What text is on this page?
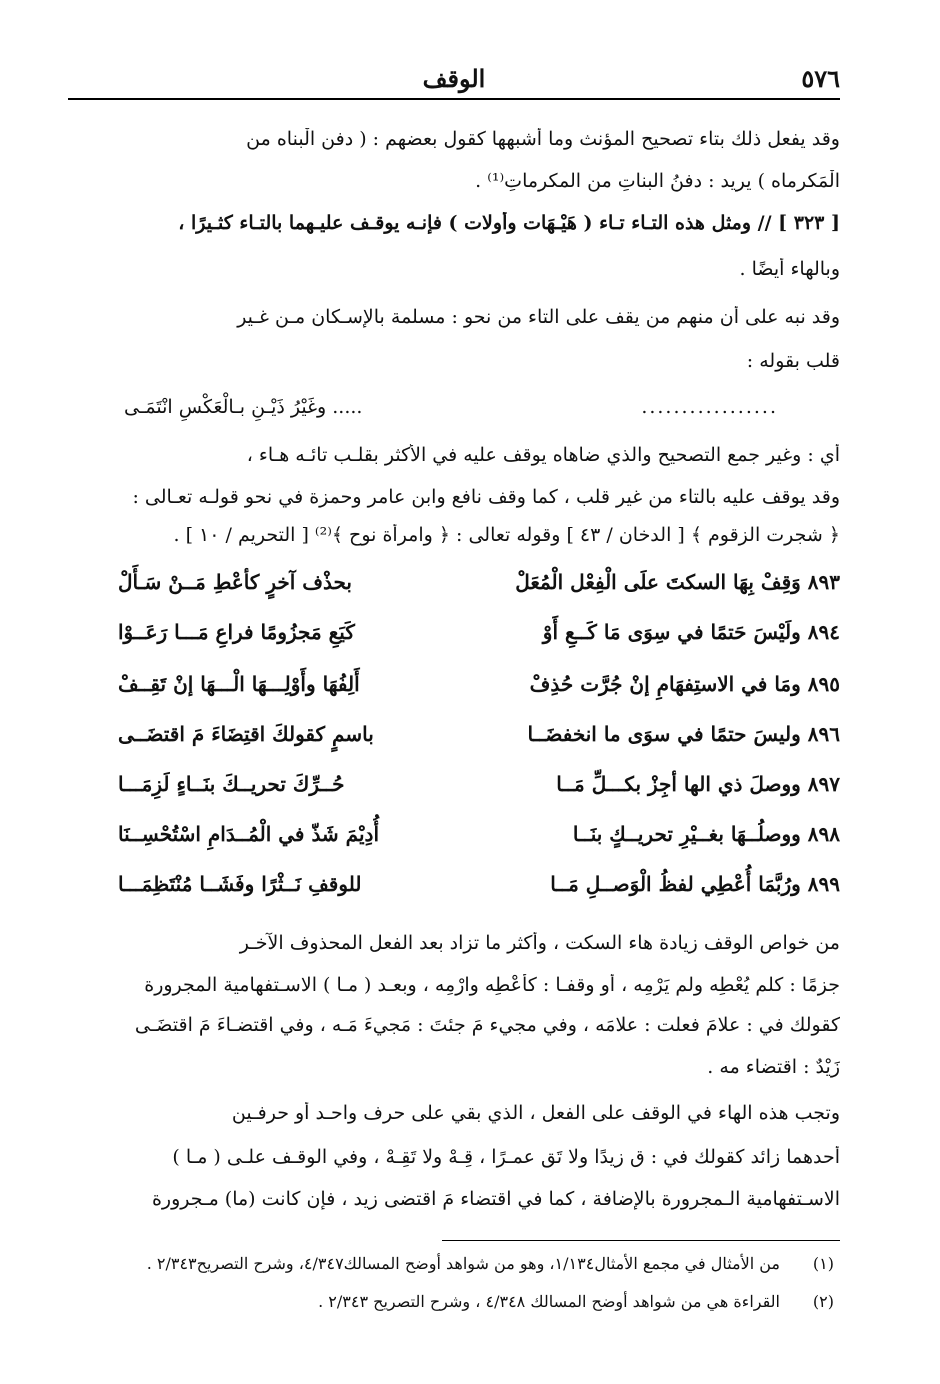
٥٧٦
الوقف
وقد يفعل ذلك بتاء تصحيح المؤنث وما أشبهها كقول بعضهم : ( دفن الْبناه من
الْمَكرماه ) يريد : دفنُ البناتِ من المكرماتِ⁽¹⁾ .
[ ٣٢٣ ] // ومثل هذه التـاء تـاء ( هَيْـهَات وأولات ) فإنـه يوقـف عليـهما بالتـاء كثـيرًا ،
وبالهاء أيضًا .
وقد نبه على أن منهم من يقف على التاء من نحو : مسلمة بالإسـكان مـن غـير
قلب بقوله :
.................
..... وغَيْرُ ذَيْـنِ بـالْعَكْسِ انْتَمَـى
أي : وغير جمع التصحيح والذي ضاهاه يوقف عليه في الأكثر بقلـب تائـه هـاء ،
وقد يوقف عليه بالتاء من غير قلب ، كما وقف نافع وابن عامر وحمزة في نحو قولـه تعـالى :
﴿ شجرت الزقوم ﴾ [ الدخان / ٤٣ ] وقوله تعالى : ﴿ وامرأة نوح ﴾⁽²⁾ [ التحريم / ١٠ ] .
٨٩٣ وَقِفْ بِهَا السكتَ علَى الْفِعْل الْمُعَلْ
بحذْف آخرٍ كأعْطِ مَــنْ سَـأَلْ
٨٩٤ ولَيْسَ حَتمًا في سِوَى مَا كَــعِ أَوْ
كَيَعِ مَجزُومًا فراعِ مَـــا رَعَــوْا
٨٩٥ ومَا في الاستِفهَامِ إنْ جُرَّت حُذِفْ
أَلِفُهَا وأَوْلِـــهَا الْـــهَا إنْ تَقِــفْ
٨٩٦ وليسَ حتمًا في سوَى ما انخفضَــا
باسمٍ كقولكَ اقتِضَاءَ مَ اقتضَــى
٨٩٧ ووصلَ ذي الها أجِزْ بكـــلِّ مَــا
حُــرِّكَ تحريــكَ بنَــاءٍ لَزِمَـــا
٨٩٨ ووصلُــهَا بغــيْرِ تحريــكٍ بنَــا
أُدِيْمَ شَذّ في الْمُــدَامِ اسْتُحْسِــنَا
٨٩٩ ورُبَّمَا أُعْطِي لفظُ الْوَصــلِ مَــا
للوقفِ نَــثْرًا وفَشَــا مُنْتَظِمَـــا
من خواص الوقف زيادة هاء السكت ، وأكثر ما تزاد بعد الفعل المحذوف الآخـر
جزمًا : كلم يُعْطِه ولم يَرْمِه ، أو وقفـا : كأعْطِه وارْمِه ، وبعـد ( مـا ) الاسـتفهامية المجرورة
كقولك في : علامَ فعلت : علامَه ، وفي مجيء مَ جئتَ : مَجيءَ مَـه ، وفي اقتضـاءَ مَ اقتضَـى
زَيْدٌ : اقتضاء مه .
وتجب هذه الهاء في الوقف على الفعل ، الذي بقي على حرف واحـد أو حرفـين
أحدهما زائد كقولك في : ق زيدًا ولا تَق عمـرًا ، قِـهْ ولا تَقِـهْ ، وفي الوقـف علـى ( مـا )
الاسـتفهامية الـمجرورة بالإضافة ، كما في اقتضاء مَ اقتضى زيد ، فإن كانت (ما) مـجرورة
(١)
من الأمثال في مجمع الأمثال١/١٣٤، وهو من شواهد أوضح المسالك٤/٣٤٧، وشرح التصريح٢/٣٤٣ .
(٢)
القراءة هي من شواهد أوضح المسالك ٤/٣٤٨ ، وشرح التصريح ٢/٣٤٣ .
